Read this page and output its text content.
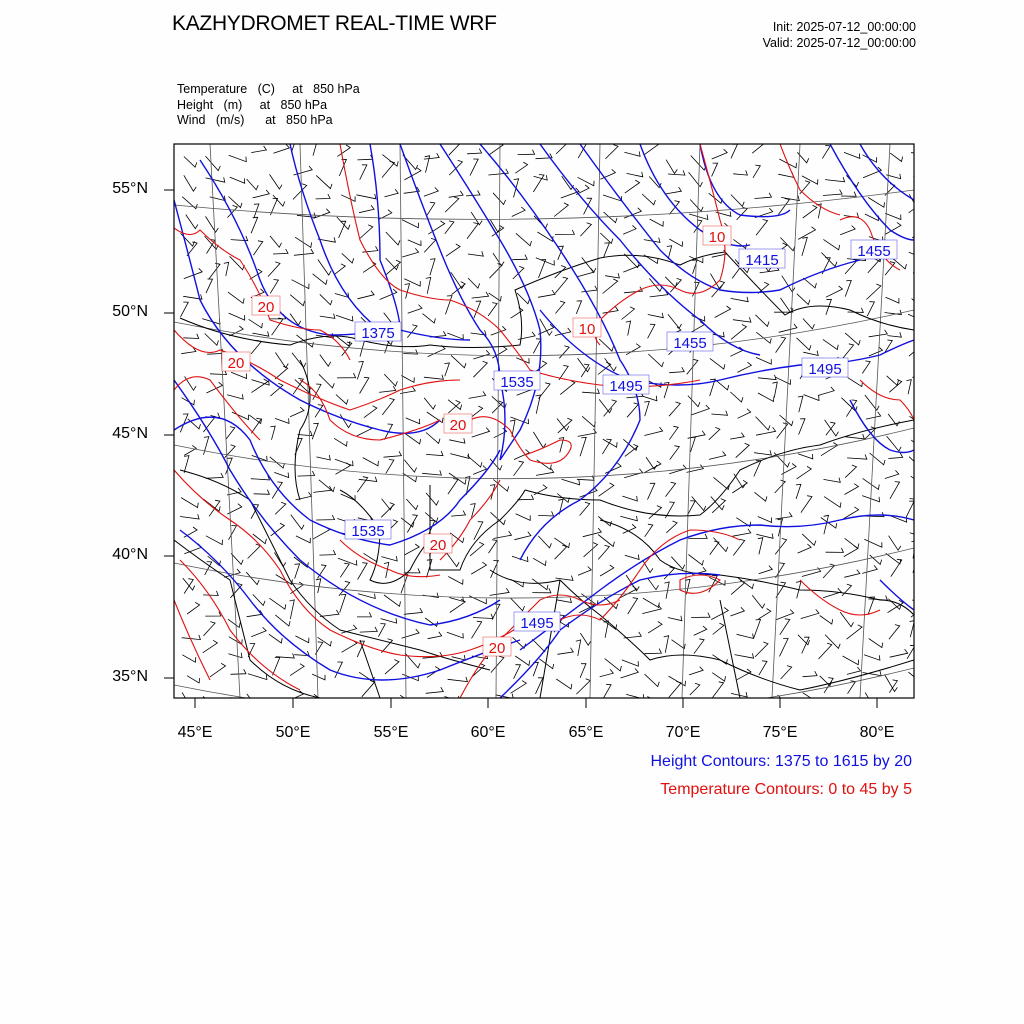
KAZHYDROMET REAL-TIME WRF	Init: 2025-07-12_00:00:00
Valid: 2025-07-12_00:00:00
Temperature   (C)     at   850 hPa
Height   (m)     at   850 hPa
Wind   (m/s)      at   850 hPa
1375
1535	1495
1415
1455
1495
1455
1535
1495
20
20
20
20
20
10
10
55°N
50°N
45°N
40°N
35°N
45°E	50°E	55°E	60°E	65°E	70°E	75°E	80°E
Height Contours: 1375 to 1615 by 20
Temperature Contours: 0 to 45 by 5
